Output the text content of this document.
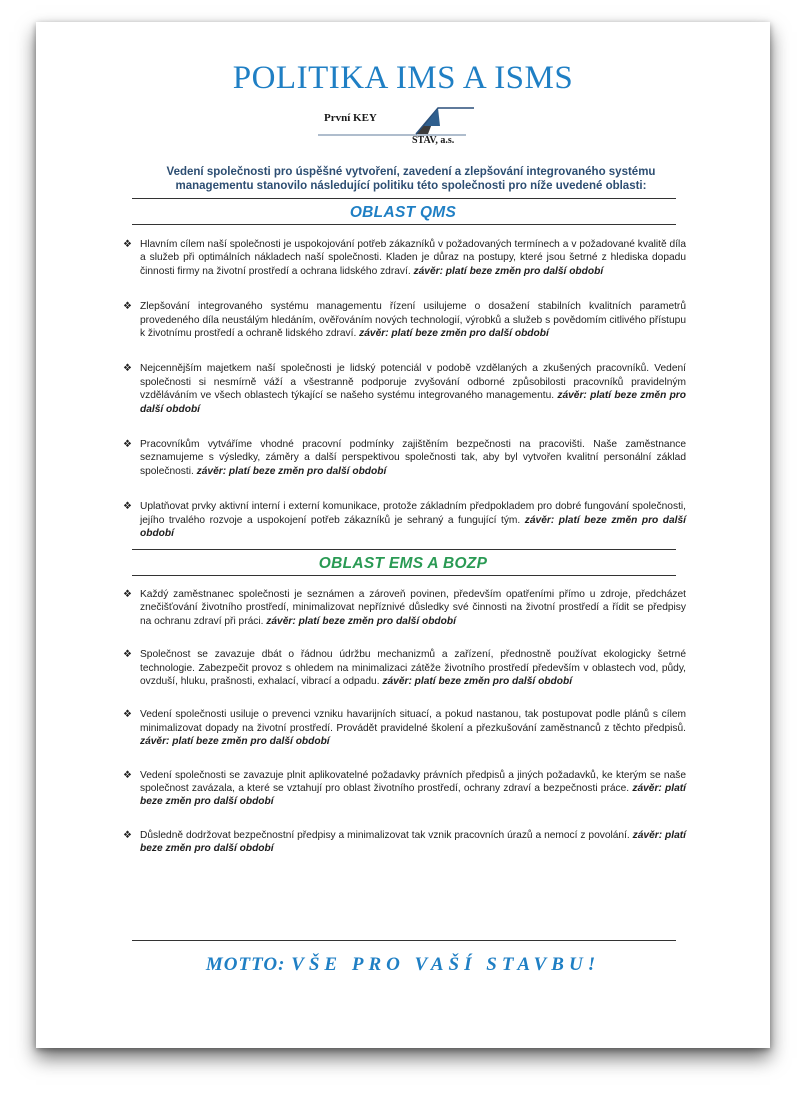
POLITIKA IMS A ISMS
První KEY
STAV, a.s.
Vedení společnosti pro úspěšné vytvoření, zavedení a zlepšování integrovaného systému managementu stanovilo následující politiku této společnosti pro níže uvedené oblasti:
OBLAST QMS
❖ Hlavním cílem naší společnosti je uspokojování potřeb zákazníků v požadovaných termínech a v požadované kvalitě díla a služeb při optimálních nákladech naší společnosti. Kladen je důraz na postupy, které jsou šetrné z hlediska dopadu činnosti firmy na životní prostředí a ochrana lidského zdraví. závěr: platí beze změn pro další období
❖ Zlepšování integrovaného systému managementu řízení usilujeme o dosažení stabilních kvalitních parametrů provedeného díla neustálým hledáním, ověřováním nových technologií, výrobků a služeb s povědomím citlivého přístupu k životnímu prostředí a ochraně lidského zdraví. závěr: platí beze změn pro další období
❖ Nejcennějším majetkem naší společnosti je lidský potenciál v podobě vzdělaných a zkušených pracovníků. Vedení společnosti si nesmírně váží a všestranně podporuje zvyšování odborné způsobilosti pracovníků pravidelným vzděláváním ve všech oblastech týkající se našeho systému integrovaného managementu. závěr: platí beze změn pro další období
❖ Pracovníkům vytváříme vhodné pracovní podmínky zajištěním bezpečnosti na pracovišti. Naše zaměstnance seznamujeme s výsledky, záměry a další perspektivou společnosti tak, aby byl vytvořen kvalitní personální základ společnosti. závěr: platí beze změn pro další období
❖ Uplatňovat prvky aktivní interní i externí komunikace, protože základním předpokladem pro dobré fungování společnosti, jejího trvalého rozvoje a uspokojení potřeb zákazníků je sehraný a fungující tým. závěr: platí beze změn pro další období
OBLAST EMS A BOZP
❖ Každý zaměstnanec společnosti je seznámen a zároveň povinen, především opatřeními přímo u zdroje, předcházet znečišťování životního prostředí, minimalizovat nepříznivé důsledky své činnosti na životní prostředí a řídit se předpisy na ochranu zdraví při práci. závěr: platí beze změn pro další období
❖ Společnost se zavazuje dbát o řádnou údržbu mechanizmů a zařízení, přednostně používat ekologicky šetrné technologie. Zabezpečit provoz s ohledem na minimalizaci zátěže životního prostředí především v oblastech vod, půdy, ovzduší, hluku, prašnosti, exhalací, vibrací a odpadu. závěr: platí beze změn pro další období
❖ Vedení společnosti usiluje o prevenci vzniku havarijních situací, a pokud nastanou, tak postupovat podle plánů s cílem minimalizovat dopady na životní prostředí. Provádět pravidelné školení a přezkušování zaměstnanců z těchto předpisů. závěr: platí beze změn pro další období
❖ Vedení společnosti se zavazuje plnit aplikovatelné požadavky právních předpisů a jiných požadavků, ke kterým se naše společnost zavázala, a které se vztahují pro oblast životního prostředí, ochrany zdraví a bezpečnosti práce. závěr: platí beze změn pro další období
❖ Důsledně dodržovat bezpečnostní předpisy a minimalizovat tak vznik pracovních úrazů a nemocí z povolání. závěr: platí beze změn pro další období
MOTTO: VŠE PRO VAŠÍ STAVBU!
